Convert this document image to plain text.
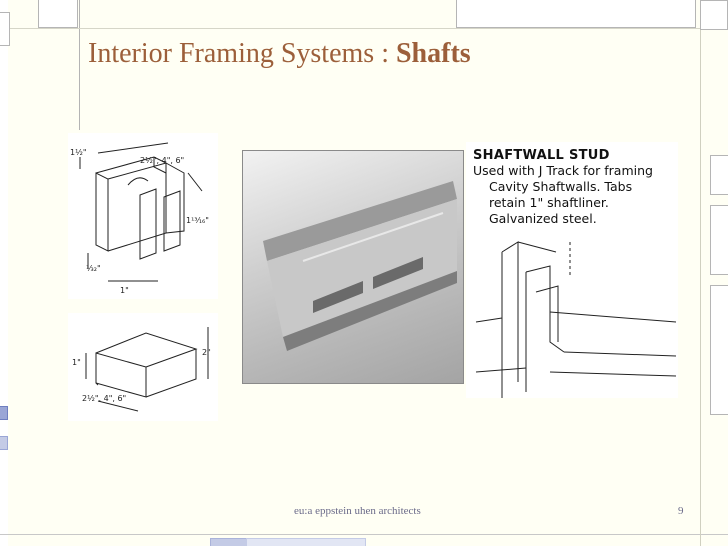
Interior Framing Systems : Shafts
1½"
2½", 4", 6"
1¹³⁄₁₆"
¹⁄₃₂"
1"
2"
1"
2½", 4", 6"
SHAFTWALL STUD
Used with J Track for framing
Cavity Shaftwalls. Tabs
retain 1" shaftliner.
Galvanized steel.
eu:a eppstein uhen architects	9
